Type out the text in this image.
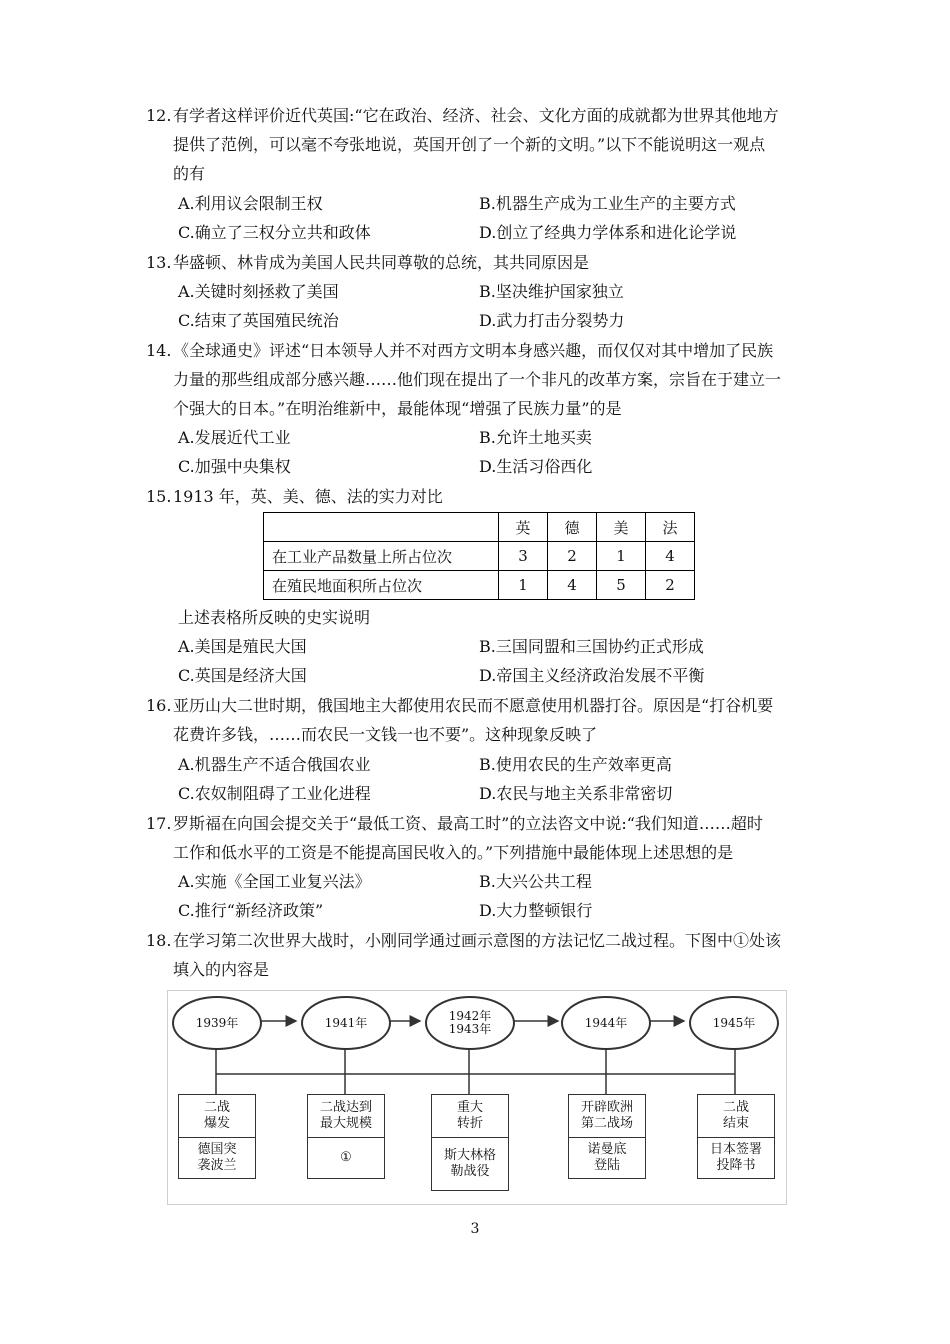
12. 有学者这样评价近代英国:“它在政治、经济、社会、文化方面的成就都为世界其他地方
提供了范例，可以毫不夸张地说，英国开创了一个新的文明。”以下不能说明这一观点
的有
A.利用议会限制王权	B.机器生产成为工业生产的主要方式
C.确立了三权分立共和政体	D.创立了经典力学体系和进化论学说
13. 华盛顿、林肯成为美国人民共同尊敬的总统，其共同原因是
A.关键时刻拯救了美国	B.坚决维护国家独立
C.结束了英国殖民统治	D.武力打击分裂势力
14. 《全球通史》评述“日本领导人并不对西方文明本身感兴趣，而仅仅对其中增加了民族
力量的那些组成部分感兴趣……他们现在提出了一个非凡的改革方案，宗旨在于建立一
个强大的日本。”在明治维新中，最能体现“增强了民族力量”的是
A.发展近代工业	B.允许土地买卖
C.加强中央集权	D.生活习俗西化
15. 1913 年，英、美、德、法的实力对比
	英	德	美	法
在工业产品数量上所占位次	3	2	1	4
在殖民地面积所占位次	1	4	5	2
上述表格所反映的史实说明
A.美国是殖民大国	B.三国同盟和三国协约正式形成
C.英国是经济大国	D.帝国主义经济政治发展不平衡
16. 亚历山大二世时期，俄国地主大都使用农民而不愿意使用机器打谷。原因是“打谷机要
花费许多钱，……而农民一文钱一也不要”。这种现象反映了
A.机器生产不适合俄国农业	B.使用农民的生产效率更高
C.农奴制阻碍了工业化进程	D.农民与地主关系非常密切
17. 罗斯福在向国会提交关于“最低工资、最高工时”的立法咨文中说:“我们知道……超时
工作和低水平的工资是不能提高国民收入的。”下列措施中最能体现上述思想的是
A.实施《全国工业复兴法》	B.大兴公共工程
C.推行“新经济政策”	D.大力整顿银行
18. 在学习第二次世界大战时，小刚同学通过画示意图的方法记忆二战过程。下图中①处该
填入的内容是
1939年	1941年	1942年
1943年	1944年	1945年
二战
爆发
德国突
袭波兰
二战达到
最大规模
①
重大
转折
斯大林格
勒战役
开辟欧洲
第二战场
诺曼底
登陆
二战
结束
日本签署
投降书
3
